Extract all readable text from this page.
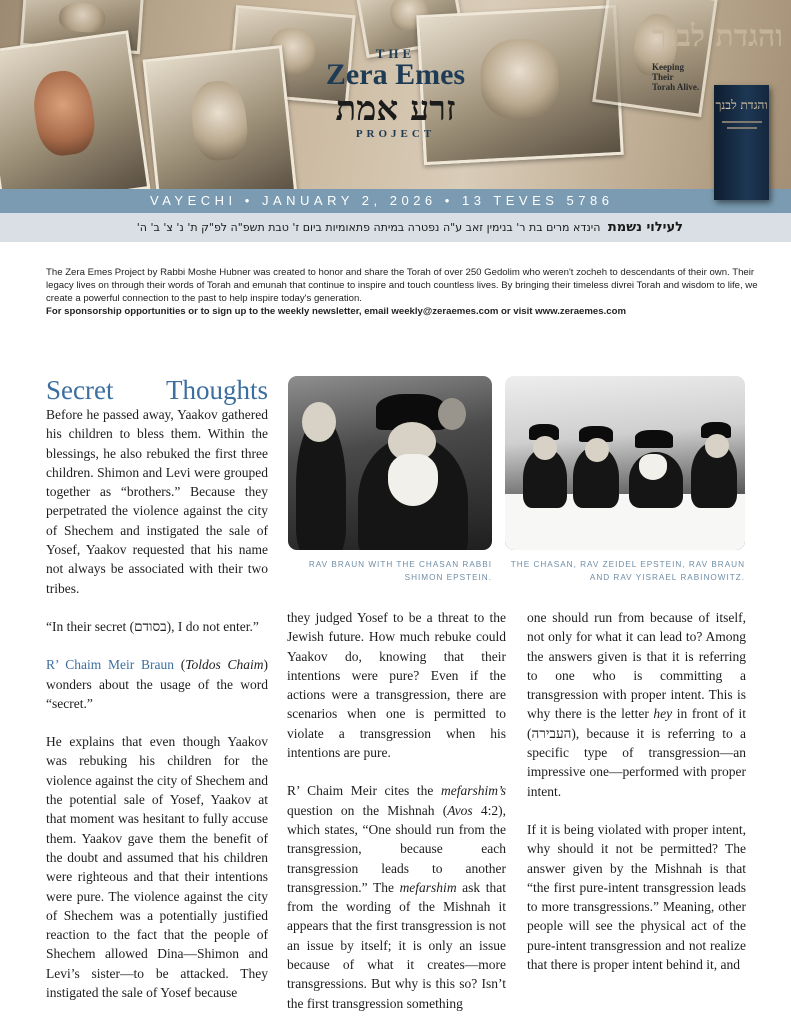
THE
Zera Emes
זרע אמת
PROJECT
והגדת לבנך
Keeping
Their
Torah Alive.
והגדת לבנך
VAYECHI • JANUARY 2, 2026 • 13 TEVES 5786
לעילוי נשמת הינדא מרים בת ר' בנימין זאב ע"ה נפטרה במיתה פתאומיות ביום ז' טבת תשפ"ה לפ"ק ת' נ' צ' ב' ה'
The Zera Emes Project by Rabbi Moshe Hubner was created to honor and share the Torah of over 250 Gedolim who weren't zocheh to descendants of their own. Their legacy lives on through their words of Torah and emunah that continue to inspire and touch countless lives. By bringing their timeless divrei Torah and wisdom to life, we create a powerful connection to the past to help inspire today's generation.
For sponsorship opportunities or to sign up to the weekly newsletter, email weekly@zeraemes.com or visit www.zeraemes.com
Secret Thoughts

Before he passed away, Yaakov gathered his children to bless them. Within the blessings, he also rebuked the first three children. Shimon and Levi were grouped together as “brothers.” Because they perpetrated the violence against the city of Shechem and instigated the sale of Yosef, Yaakov requested that his name not always be associated with their two tribes.

“In their secret (בסודם), I do not enter.”

R’ Chaim Meir Braun (Toldos Chaim) wonders about the usage of the word “secret.”

He explains that even though Yaakov was rebuking his children for the violence against the city of Shechem and the potential sale of Yosef, Yaakov at that moment was hesitant to fully accuse them. Yaakov gave them the benefit of the doubt and assumed that his children were righteous and that their intentions were pure. The violence against the city of Shechem was a potentially justified reaction to the fact that the people of Shechem allowed Dina—Shimon and Levi’s sister—to be attacked. They instigated the sale of Yosef because

RAV BRAUN WITH THE CHASAN RABBI SHIMON EPSTEIN.
THE CHASAN, RAV ZEIDEL EPSTEIN, RAV BRAUN AND RAV YISRAEL RABINOWITZ.

they judged Yosef to be a threat to the Jewish future. How much rebuke could Yaakov do, knowing that their intentions were pure? Even if the actions were a transgression, there are scenarios when one is permitted to violate a transgression when his intentions are pure.

R’ Chaim Meir cites the mefarshim’s question on the Mishnah (Avos 4:2), which states, “One should run from the transgression, because each transgression leads to another transgression.” The mefarshim ask that from the wording of the Mishnah it appears that the first transgression is not an issue by itself; it is only an issue because of what it creates—more transgressions. But why is this so? Isn’t the first transgression something

one should run from because of itself, not only for what it can lead to? Among the answers given is that it is referring to one who is committing a transgression with proper intent. This is why there is the letter hey in front of it (העבירה), because it is referring to a specific type of transgression—an impressive one—performed with proper intent.

If it is being violated with proper intent, why should it not be permitted? The answer given by the Mishnah is that “the first pure-intent transgression leads to more transgressions.” Meaning, other people will see the physical act of the pure-intent transgression and not realize that there is proper intent behind it, and
